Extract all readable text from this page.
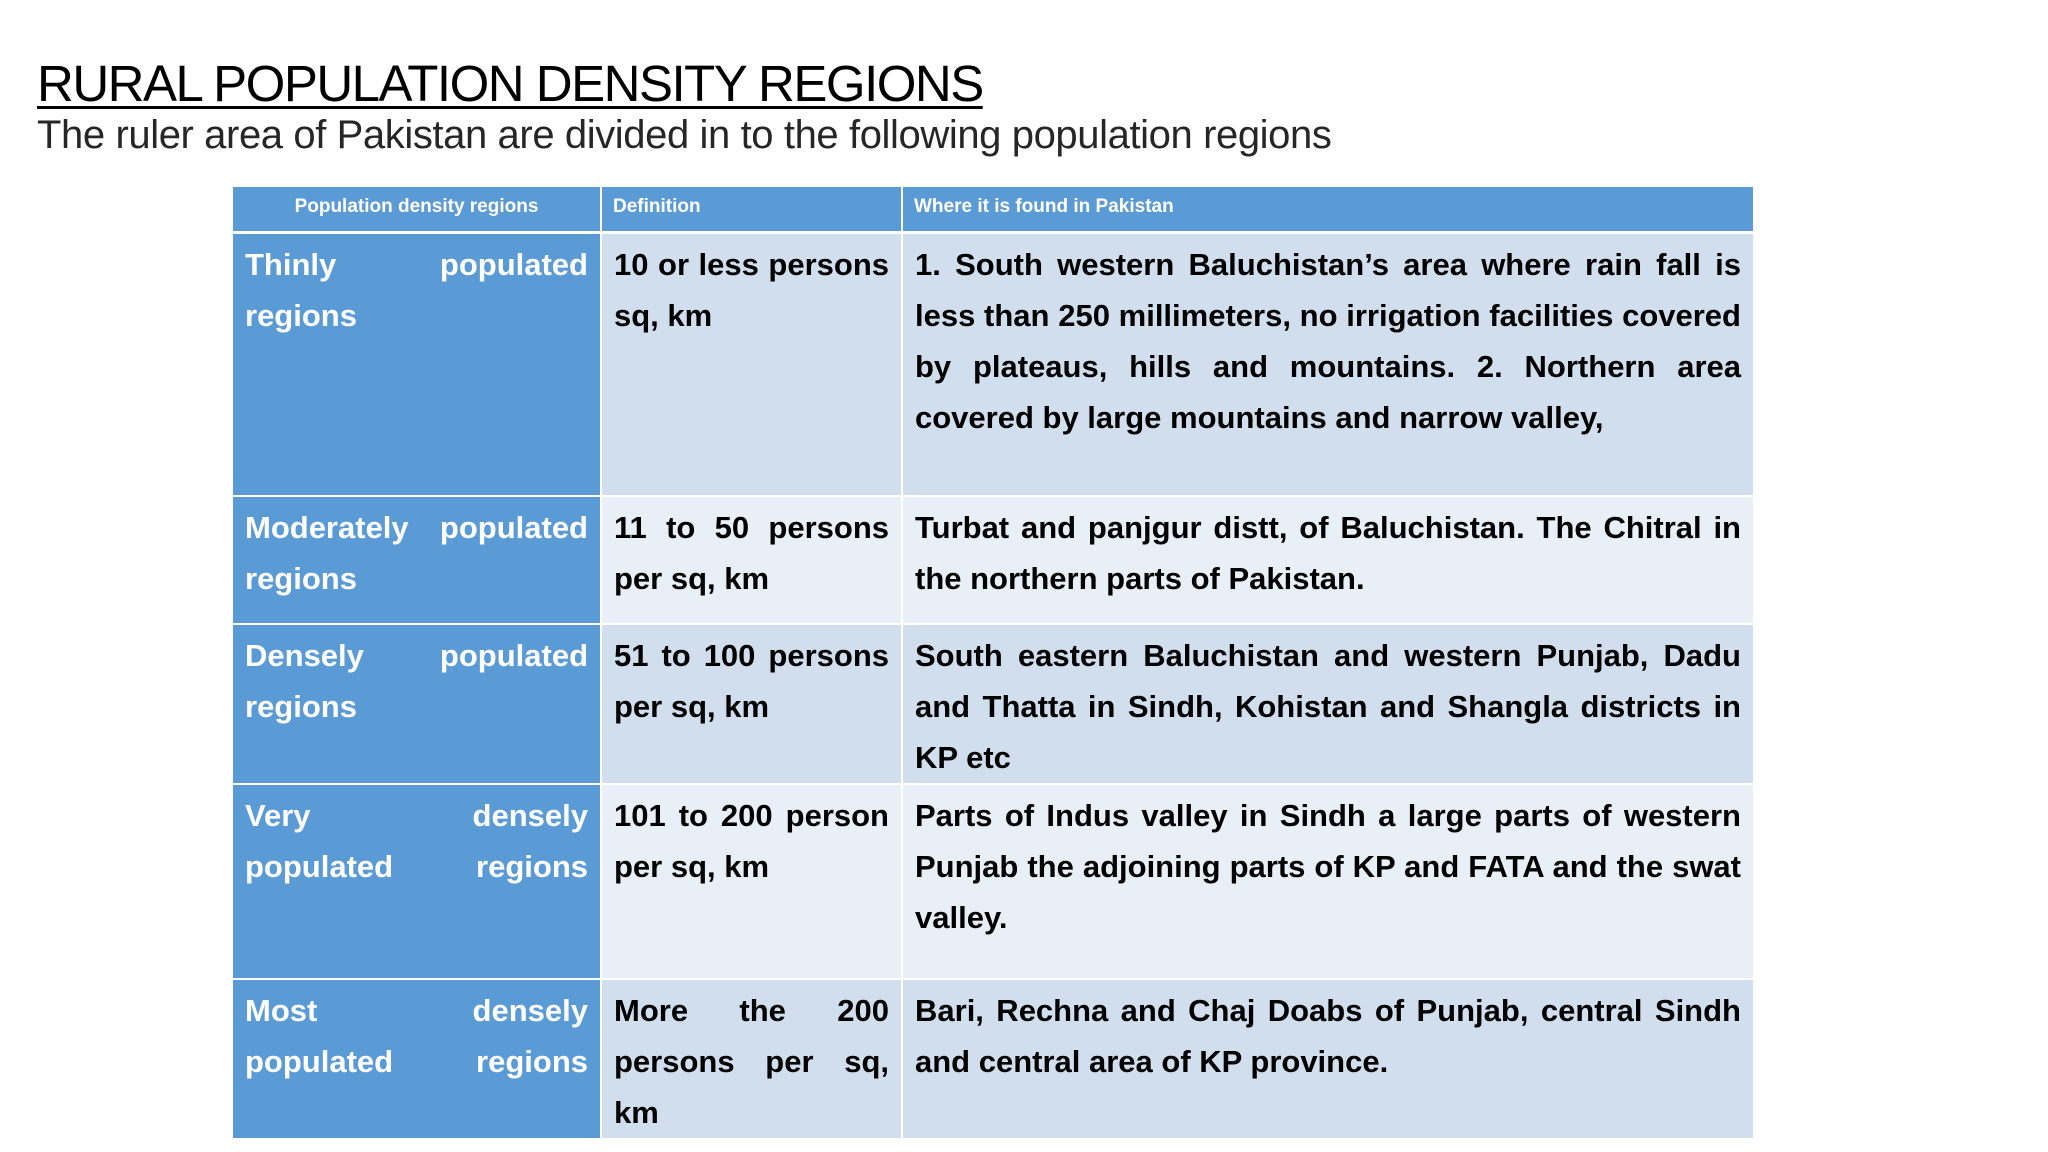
RURAL POPULATION DENSITY REGIONS

The ruler area of Pakistan are divided in to the following population regions

Population density regions	Definition	Where it is found in Pakistan

Thinly populated regions	10 or less persons sq, km	1. South western Baluchistan’s area where rain fall is less than 250 millimeters, no irrigation facilities covered by plateaus, hills and mountains. 2. Northern area covered by large mountains and narrow valley,

Moderately populated regions	11 to 50 persons per sq, km	Turbat and panjgur distt, of Baluchistan. The Chitral in the northern parts of Pakistan.

Densely populated regions	51 to 100 persons per sq, km	South eastern Baluchistan and western Punjab, Dadu and Thatta in Sindh, Kohistan and Shangla districts in KP etc

Very densely populated regions	101 to 200 person per sq, km	Parts of Indus valley in Sindh a large parts of western Punjab the adjoining parts of KP and FATA and the swat valley.

Most densely populated regions	More the 200 persons per sq, km	Bari, Rechna and Chaj Doabs of Punjab, central Sindh and central area of KP province.
